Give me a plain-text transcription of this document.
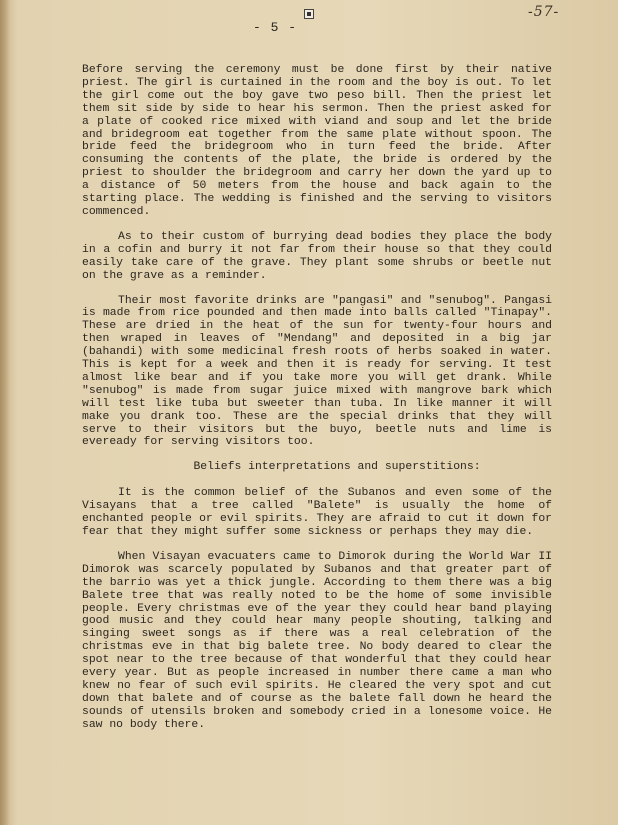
- 5 -
-57-

Before serving the ceremony must be done first by their native priest. The girl is curtained in the room and the boy is out. To let the girl come out the boy gave two peso bill. Then the priest let them sit side by side to hear his sermon. Then the priest asked for a plate of cooked rice mixed with viand and soup and let the bride and bridegroom eat together from the same plate without spoon. The bride feed the bridegroom who in turn feed the bride. After consuming the contents of the plate, the bride is ordered by the priest to shoulder the bridegroom and carry her down the yard up to a distance of 50 meters from the house and back again to the starting place. The wedding is finished and the serving to visitors commenced.

As to their custom of burrying dead bodies they place the body in a cofin and burry it not far from their house so that they could easily take care of the grave. They plant some shrubs or beetle nut on the grave as a reminder.

Their most favorite drinks are "pangasi" and "senubog". Pangasi is made from rice pounded and then made into balls called "Tinapay". These are dried in the heat of the sun for twenty-four hours and then wraped in leaves of "Mendang" and deposited in a big jar (bahandi) with some medicinal fresh roots of herbs soaked in water. This is kept for a week and then it is ready for serving. It test almost like bear and if you take more you will get drank. While "senubog" is made from sugar juice mixed with mangrove bark which will test like tuba but sweeter than tuba. In like manner it will make you drank too. These are the special drinks that they will serve to their visitors but the buyo, beetle nuts and lime is eveready for serving visitors too.

Beliefs interpretations and superstitions:

It is the common belief of the Subanos and even some of the Visayans that a tree called "Balete" is usually the home of enchanted people or evil spirits. They are afraid to cut it down for fear that they might suffer some sickness or perhaps they may die.

When Visayan evacuaters came to Dimorok during the World War II Dimorok was scarcely populated by Subanos and that greater part of the barrio was yet a thick jungle. According to them there was a big Balete tree that was really noted to be the home of some invisible people. Every christmas eve of the year they could hear band playing good music and they could hear many people shouting, talking and singing sweet songs as if there was a real celebration of the christmas eve in that big balete tree. No body deared to clear the spot near to the tree because of that wonderful that they could hear every year. But as people increased in number there came a man who knew no fear of such evil spirits. He cleared the very spot and cut down that balete and of course as the balete fall down he heard the sounds of utensils broken and somebody cried in a lonesome voice. He saw no body there.
